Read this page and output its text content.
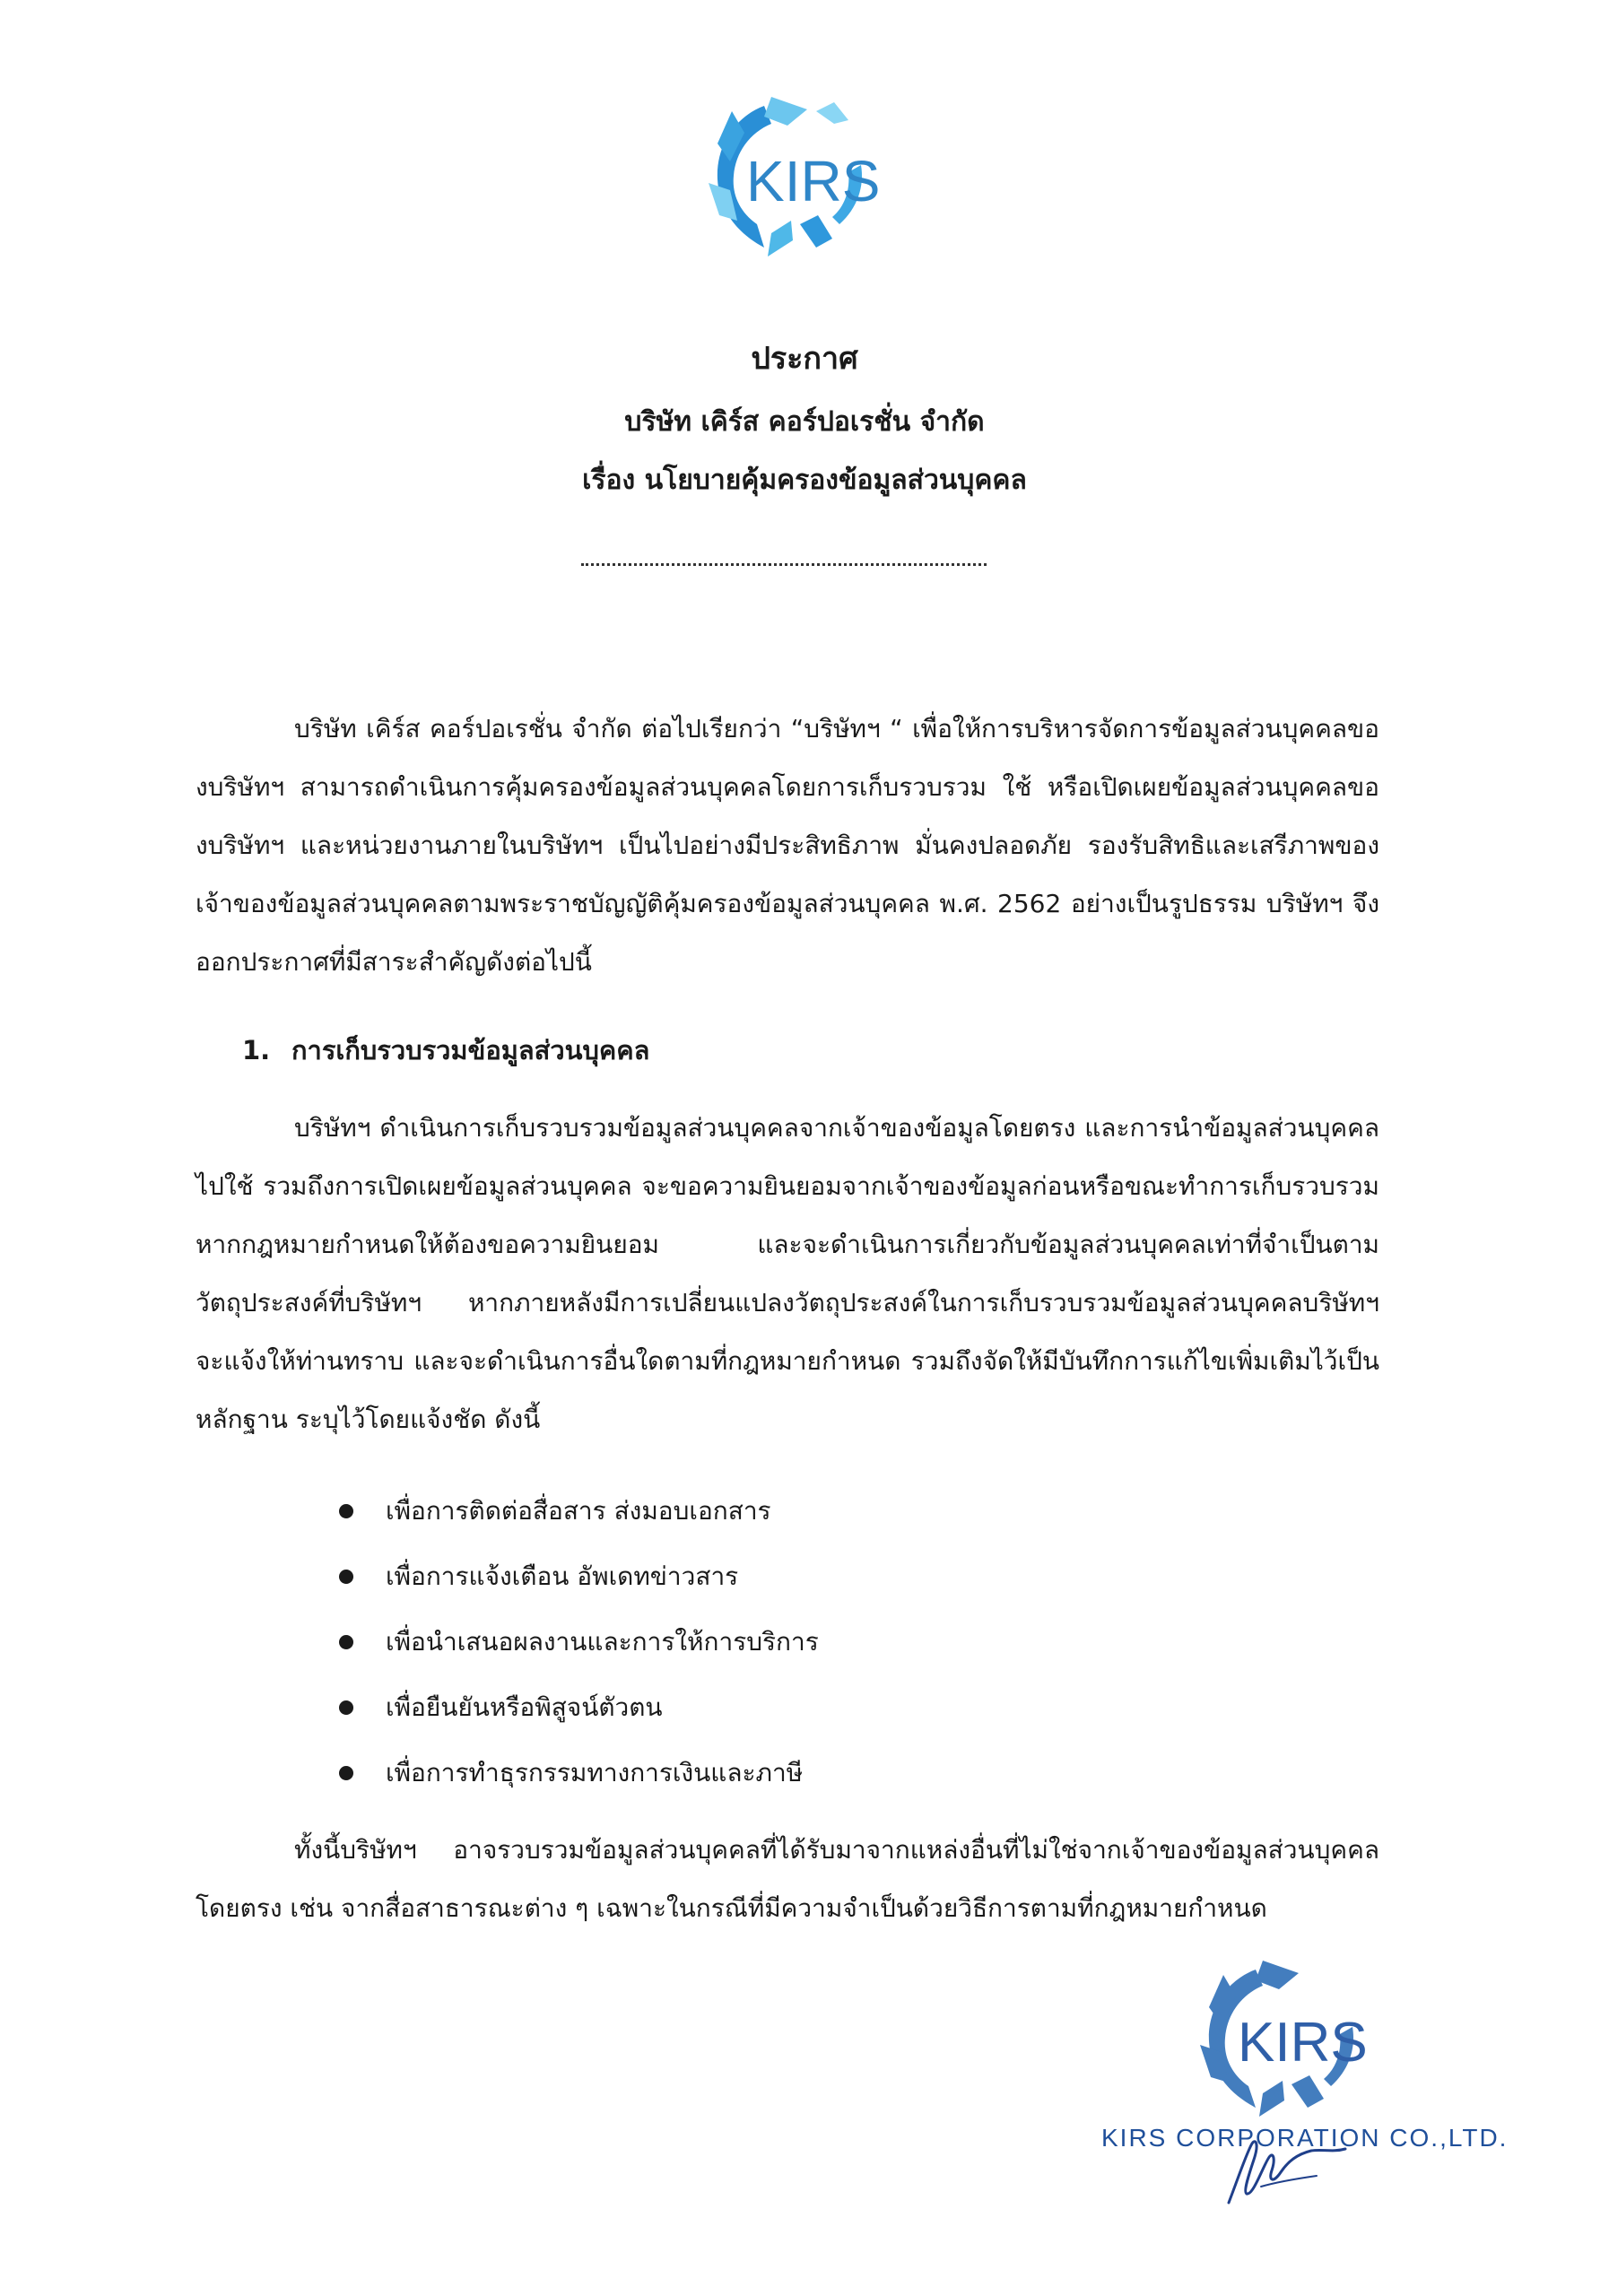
KIRS
ประกาศ
บริษัท เคิร์ส คอร์ปอเรชั่น จำกัด
เรื่อง นโยบายคุ้มครองข้อมูลส่วนบุคคล

บริษัท เคิร์ส คอร์ปอเรชั่น จำกัด ต่อไปเรียกว่า “บริษัทฯ “ เพื่อให้การบริหารจัดการข้อมูลส่วนบุคคลของบริษัทฯ สามารถดำเนินการคุ้มครองข้อมูลส่วนบุคคลโดยการเก็บรวบรวม ใช้ หรือเปิดเผยข้อมูลส่วนบุคคลของบริษัทฯ และหน่วยงานภายในบริษัทฯ เป็นไปอย่างมีประสิทธิภาพ มั่นคงปลอดภัย รองรับสิทธิและเสรีภาพของเจ้าของข้อมูลส่วนบุคคลตามพระราชบัญญัติคุ้มครองข้อมูลส่วนบุคคล พ.ศ. 2562 อย่างเป็นรูปธรรม บริษัทฯ จึงออกประกาศที่มีสาระสำคัญดังต่อไปนี้

1. การเก็บรวบรวมข้อมูลส่วนบุคคล

บริษัทฯ ดำเนินการเก็บรวบรวมข้อมูลส่วนบุคคลจากเจ้าของข้อมูลโดยตรง และการนำข้อมูลส่วนบุคคลไปใช้ รวมถึงการเปิดเผยข้อมูลส่วนบุคคล จะขอความยินยอมจากเจ้าของข้อมูลก่อนหรือขณะทำการเก็บรวบรวม หากกฎหมายกำหนดให้ต้องขอความยินยอม และจะดำเนินการเกี่ยวกับข้อมูลส่วนบุคคลเท่าที่จำเป็นตามวัตถุประสงค์ที่บริษัทฯ หากภายหลังมีการเปลี่ยนแปลงวัตถุประสงค์ในการเก็บรวบรวมข้อมูลส่วนบุคคลบริษัทฯ จะแจ้งให้ท่านทราบ และจะดำเนินการอื่นใดตามที่กฎหมายกำหนด รวมถึงจัดให้มีบันทึกการแก้ไขเพิ่มเติมไว้เป็นหลักฐาน ระบุไว้โดยแจ้งชัด ดังนี้

เพื่อการติดต่อสื่อสาร ส่งมอบเอกสาร
เพื่อการแจ้งเตือน อัพเดทข่าวสาร
เพื่อนำเสนอผลงานและการให้การบริการ
เพื่อยืนยันหรือพิสูจน์ตัวตน
เพื่อการทำธุรกรรมทางการเงินและภาษี

ทั้งนี้บริษัทฯ อาจรวบรวมข้อมูลส่วนบุคคลที่ได้รับมาจากแหล่งอื่นที่ไม่ใช่จากเจ้าของข้อมูลส่วนบุคคลโดยตรง เช่น จากสื่อสาธารณะต่าง ๆ เฉพาะในกรณีที่มีความจำเป็นด้วยวิธีการตามที่กฎหมายกำหนด

KIRS
KIRS CORPORATION CO.,LTD.
